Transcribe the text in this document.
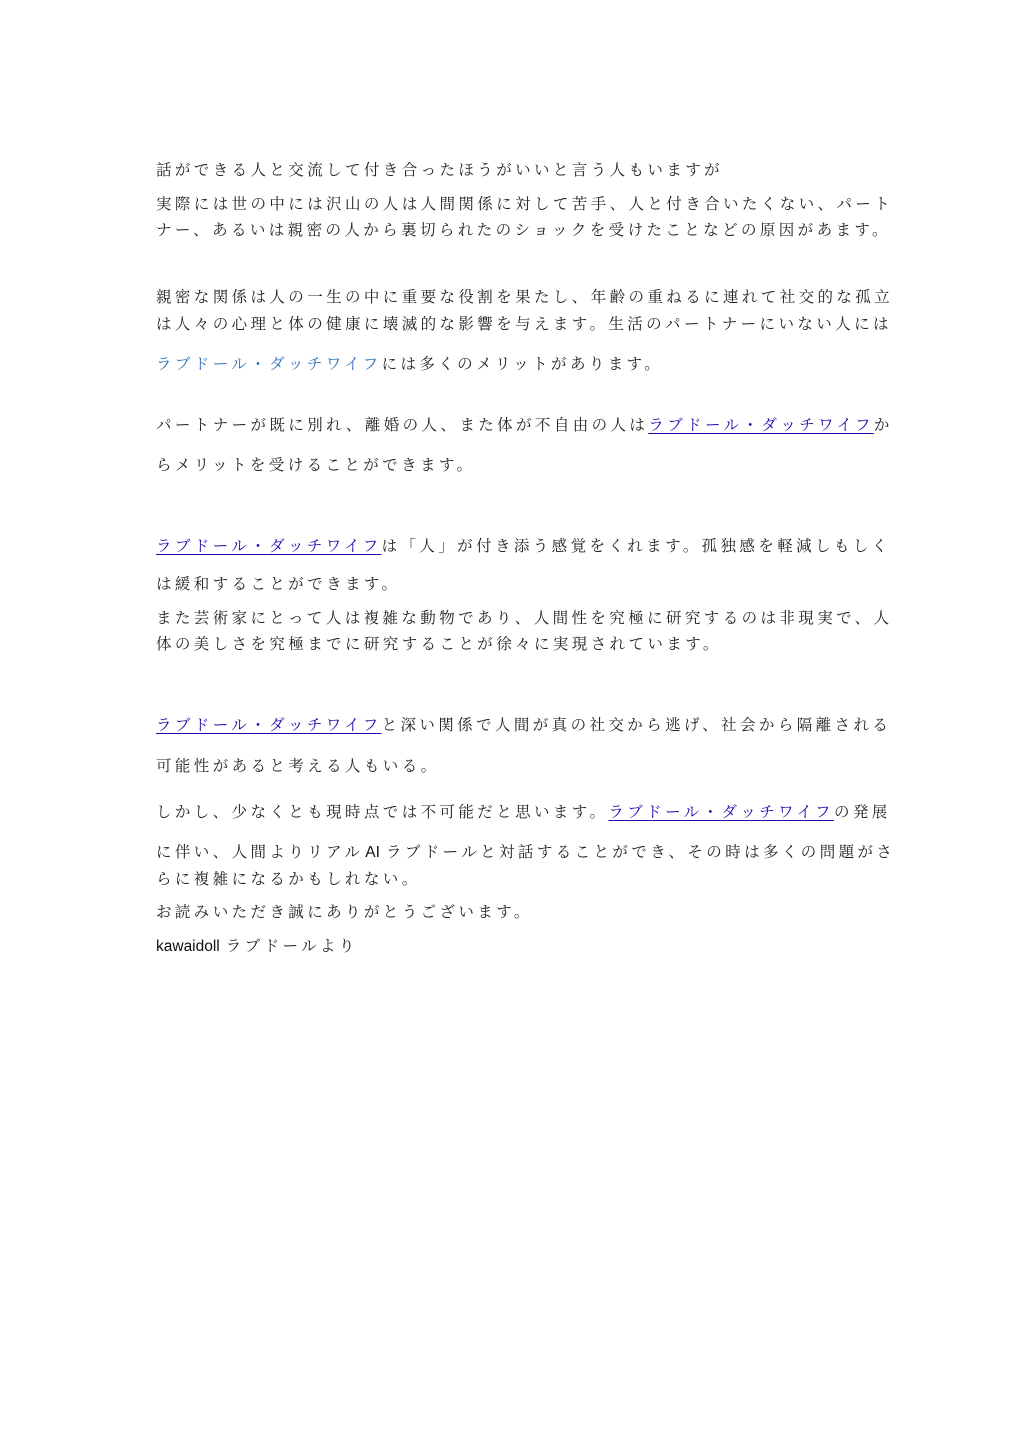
話ができる人と交流して付き合ったほうがいいと言う人もいますが
実際には世の中には沢山の人は人間関係に対して苦手、人と付き合いたくない、パート
ナー、あるいは親密の人から裏切られたのショックを受けたことなどの原因があます。
親密な関係は人の一生の中に重要な役割を果たし、年齢の重ねるに連れて社交的な孤立
は人々の心理と体の健康に壊滅的な影響を与えます。生活のパートナーにいない人には
ラブドール・ダッチワイフには多くのメリットがあります。
パートナーが既に別れ、離婚の人、また体が不自由の人はラブドール・ダッチワイフか
らメリットを受けることができます。
ラブドール・ダッチワイフは「人」が付き添う感覚をくれます。孤独感を軽減しもしく
は緩和することができます。
また芸術家にとって人は複雑な動物であり、人間性を究極に研究するのは非現実で、人
体の美しさを究極までに研究することが徐々に実現されています。
ラブドール・ダッチワイフと深い関係で人間が真の社交から逃げ、社会から隔離される
可能性があると考える人もいる。
しかし、少なくとも現時点では不可能だと思います。ラブドール・ダッチワイフの発展
に伴い、人間よりリアル AI ラブドールと対話することができ、その時は多くの問題がさ
らに複雑になるかもしれない。
お読みいただき誠にありがとうございます。
kawaidoll ラブドールより
